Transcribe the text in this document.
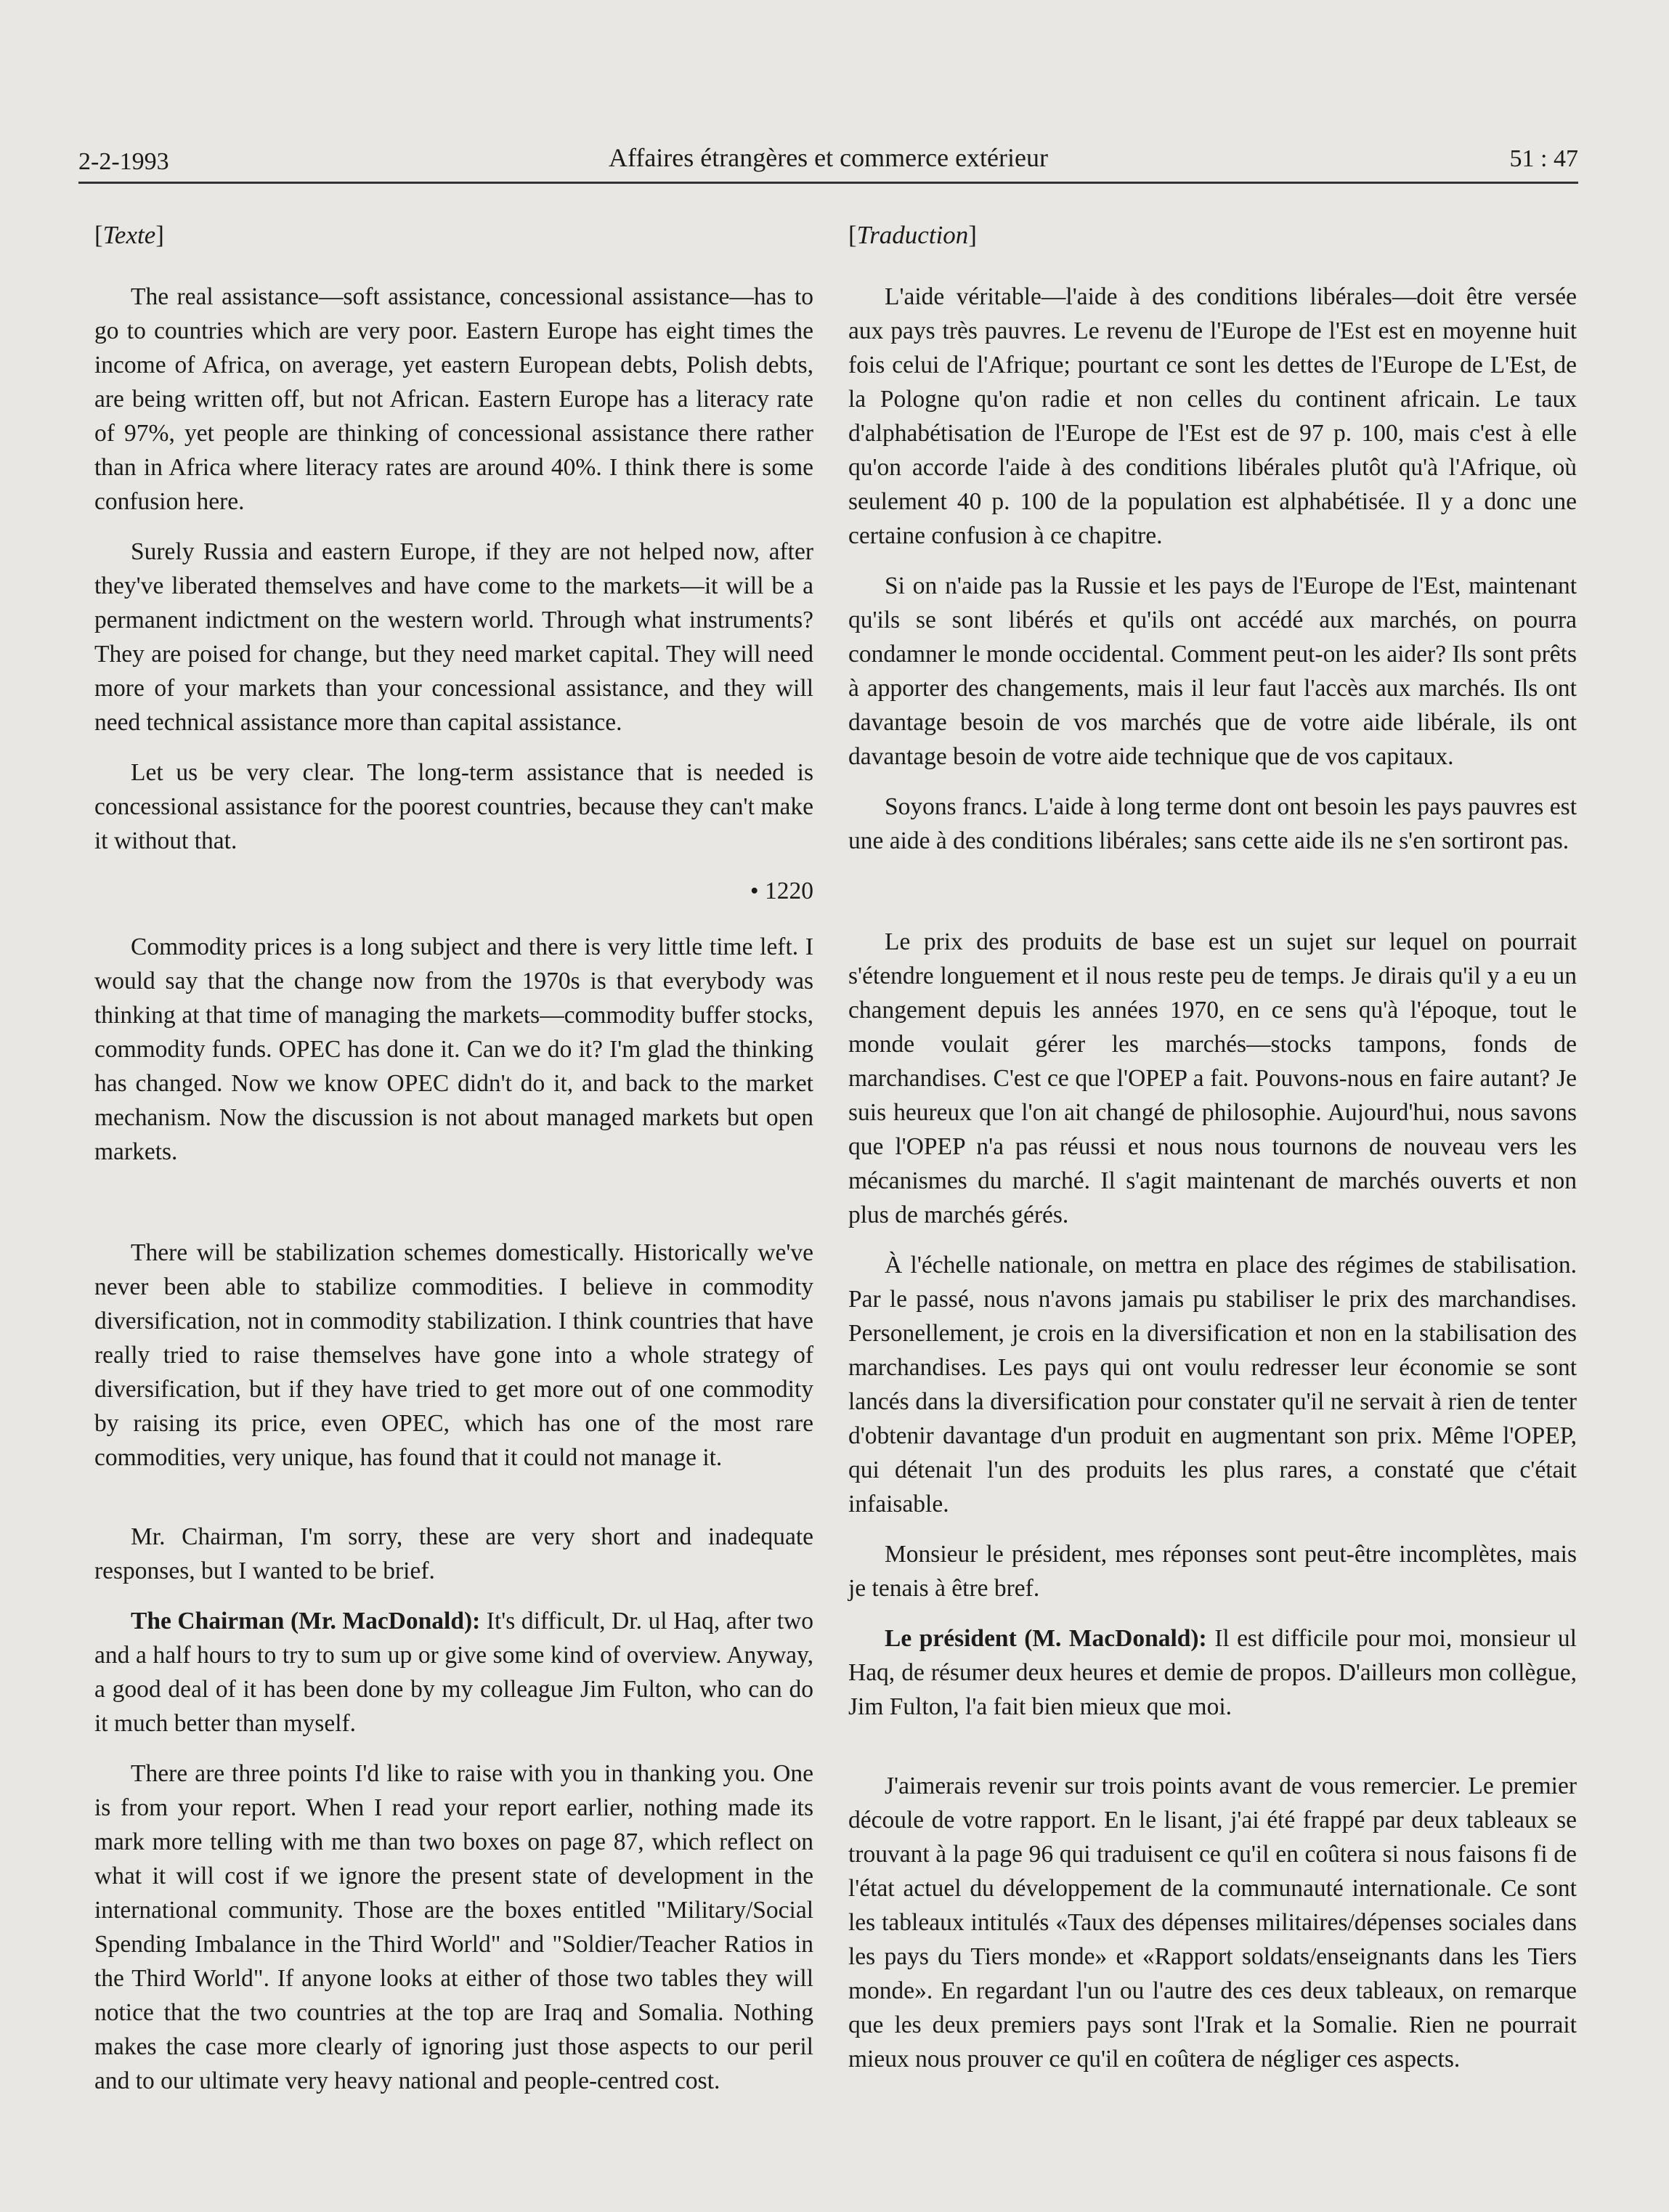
2-2-1993	Affaires étrangères et commerce extérieur	51 : 47

[Texte]

The real assistance—soft assistance, concessional assistance—has to go to countries which are very poor. Eastern Europe has eight times the income of Africa, on average, yet eastern European debts, Polish debts, are being written off, but not African. Eastern Europe has a literacy rate of 97%, yet people are thinking of concessional assistance there rather than in Africa where literacy rates are around 40%. I think there is some confusion here.

Surely Russia and eastern Europe, if they are not helped now, after they've liberated themselves and have come to the markets—it will be a permanent indictment on the western world. Through what instruments? They are poised for change, but they need market capital. They will need more of your markets than your concessional assistance, and they will need technical assistance more than capital assistance.

Let us be very clear. The long-term assistance that is needed is concessional assistance for the poorest countries, because they can't make it without that.

• 1220

Commodity prices is a long subject and there is very little time left. I would say that the change now from the 1970s is that everybody was thinking at that time of managing the markets—commodity buffer stocks, commodity funds. OPEC has done it. Can we do it? I'm glad the thinking has changed. Now we know OPEC didn't do it, and back to the market mechanism. Now the discussion is not about managed markets but open markets.

There will be stabilization schemes domestically. Historically we've never been able to stabilize commodities. I believe in commodity diversification, not in commodity stabilization. I think countries that have really tried to raise themselves have gone into a whole strategy of diversification, but if they have tried to get more out of one commodity by raising its price, even OPEC, which has one of the most rare commodities, very unique, has found that it could not manage it.

Mr. Chairman, I'm sorry, these are very short and inadequate responses, but I wanted to be brief.

The Chairman (Mr. MacDonald): It's difficult, Dr. ul Haq, after two and a half hours to try to sum up or give some kind of overview. Anyway, a good deal of it has been done by my colleague Jim Fulton, who can do it much better than myself.

There are three points I'd like to raise with you in thanking you. One is from your report. When I read your report earlier, nothing made its mark more telling with me than two boxes on page 87, which reflect on what it will cost if we ignore the present state of development in the international community. Those are the boxes entitled "Military/Social Spending Imbalance in the Third World" and "Soldier/Teacher Ratios in the Third World". If anyone looks at either of those two tables they will notice that the two countries at the top are Iraq and Somalia. Nothing makes the case more clearly of ignoring just those aspects to our peril and to our ultimate very heavy national and people-centred cost.

[Traduction]

L'aide véritable—l'aide à des conditions libérales—doit être versée aux pays très pauvres. Le revenu de l'Europe de l'Est est en moyenne huit fois celui de l'Afrique; pourtant ce sont les dettes de l'Europe de L'Est, de la Pologne qu'on radie et non celles du continent africain. Le taux d'alphabétisation de l'Europe de l'Est est de 97 p. 100, mais c'est à elle qu'on accorde l'aide à des conditions libérales plutôt qu'à l'Afrique, où seulement 40 p. 100 de la population est alphabétisée. Il y a donc une certaine confusion à ce chapitre.

Si on n'aide pas la Russie et les pays de l'Europe de l'Est, maintenant qu'ils se sont libérés et qu'ils ont accédé aux marchés, on pourra condamner le monde occidental. Comment peut-on les aider? Ils sont prêts à apporter des changements, mais il leur faut l'accès aux marchés. Ils ont davantage besoin de vos marchés que de votre aide libérale, ils ont davantage besoin de votre aide technique que de vos capitaux.

Soyons francs. L'aide à long terme dont ont besoin les pays pauvres est une aide à des conditions libérales; sans cette aide ils ne s'en sortiront pas.

Le prix des produits de base est un sujet sur lequel on pourrait s'étendre longuement et il nous reste peu de temps. Je dirais qu'il y a eu un changement depuis les années 1970, en ce sens qu'à l'époque, tout le monde voulait gérer les marchés—stocks tampons, fonds de marchandises. C'est ce que l'OPEP a fait. Pouvons-nous en faire autant? Je suis heureux que l'on ait changé de philosophie. Aujourd'hui, nous savons que l'OPEP n'a pas réussi et nous nous tournons de nouveau vers les mécanismes du marché. Il s'agit maintenant de marchés ouverts et non plus de marchés gérés.

À l'échelle nationale, on mettra en place des régimes de stabilisation. Par le passé, nous n'avons jamais pu stabiliser le prix des marchandises. Personellement, je crois en la diversification et non en la stabilisation des marchandises. Les pays qui ont voulu redresser leur économie se sont lancés dans la diversification pour constater qu'il ne servait à rien de tenter d'obtenir davantage d'un produit en augmentant son prix. Même l'OPEP, qui détenait l'un des produits les plus rares, a constaté que c'était infaisable.

Monsieur le président, mes réponses sont peut-être incomplètes, mais je tenais à être bref.

Le président (M. MacDonald): Il est difficile pour moi, monsieur ul Haq, de résumer deux heures et demie de propos. D'ailleurs mon collègue, Jim Fulton, l'a fait bien mieux que moi.

J'aimerais revenir sur trois points avant de vous remercier. Le premier découle de votre rapport. En le lisant, j'ai été frappé par deux tableaux se trouvant à la page 96 qui traduisent ce qu'il en coûtera si nous faisons fi de l'état actuel du développement de la communauté internationale. Ce sont les tableaux intitulés «Taux des dépenses militaires/dépenses sociales dans les pays du Tiers monde» et «Rapport soldats/enseignants dans les Tiers monde». En regardant l'un ou l'autre des ces deux tableaux, on remarque que les deux premiers pays sont l'Irak et la Somalie. Rien ne pourrait mieux nous prouver ce qu'il en coûtera de négliger ces aspects.
